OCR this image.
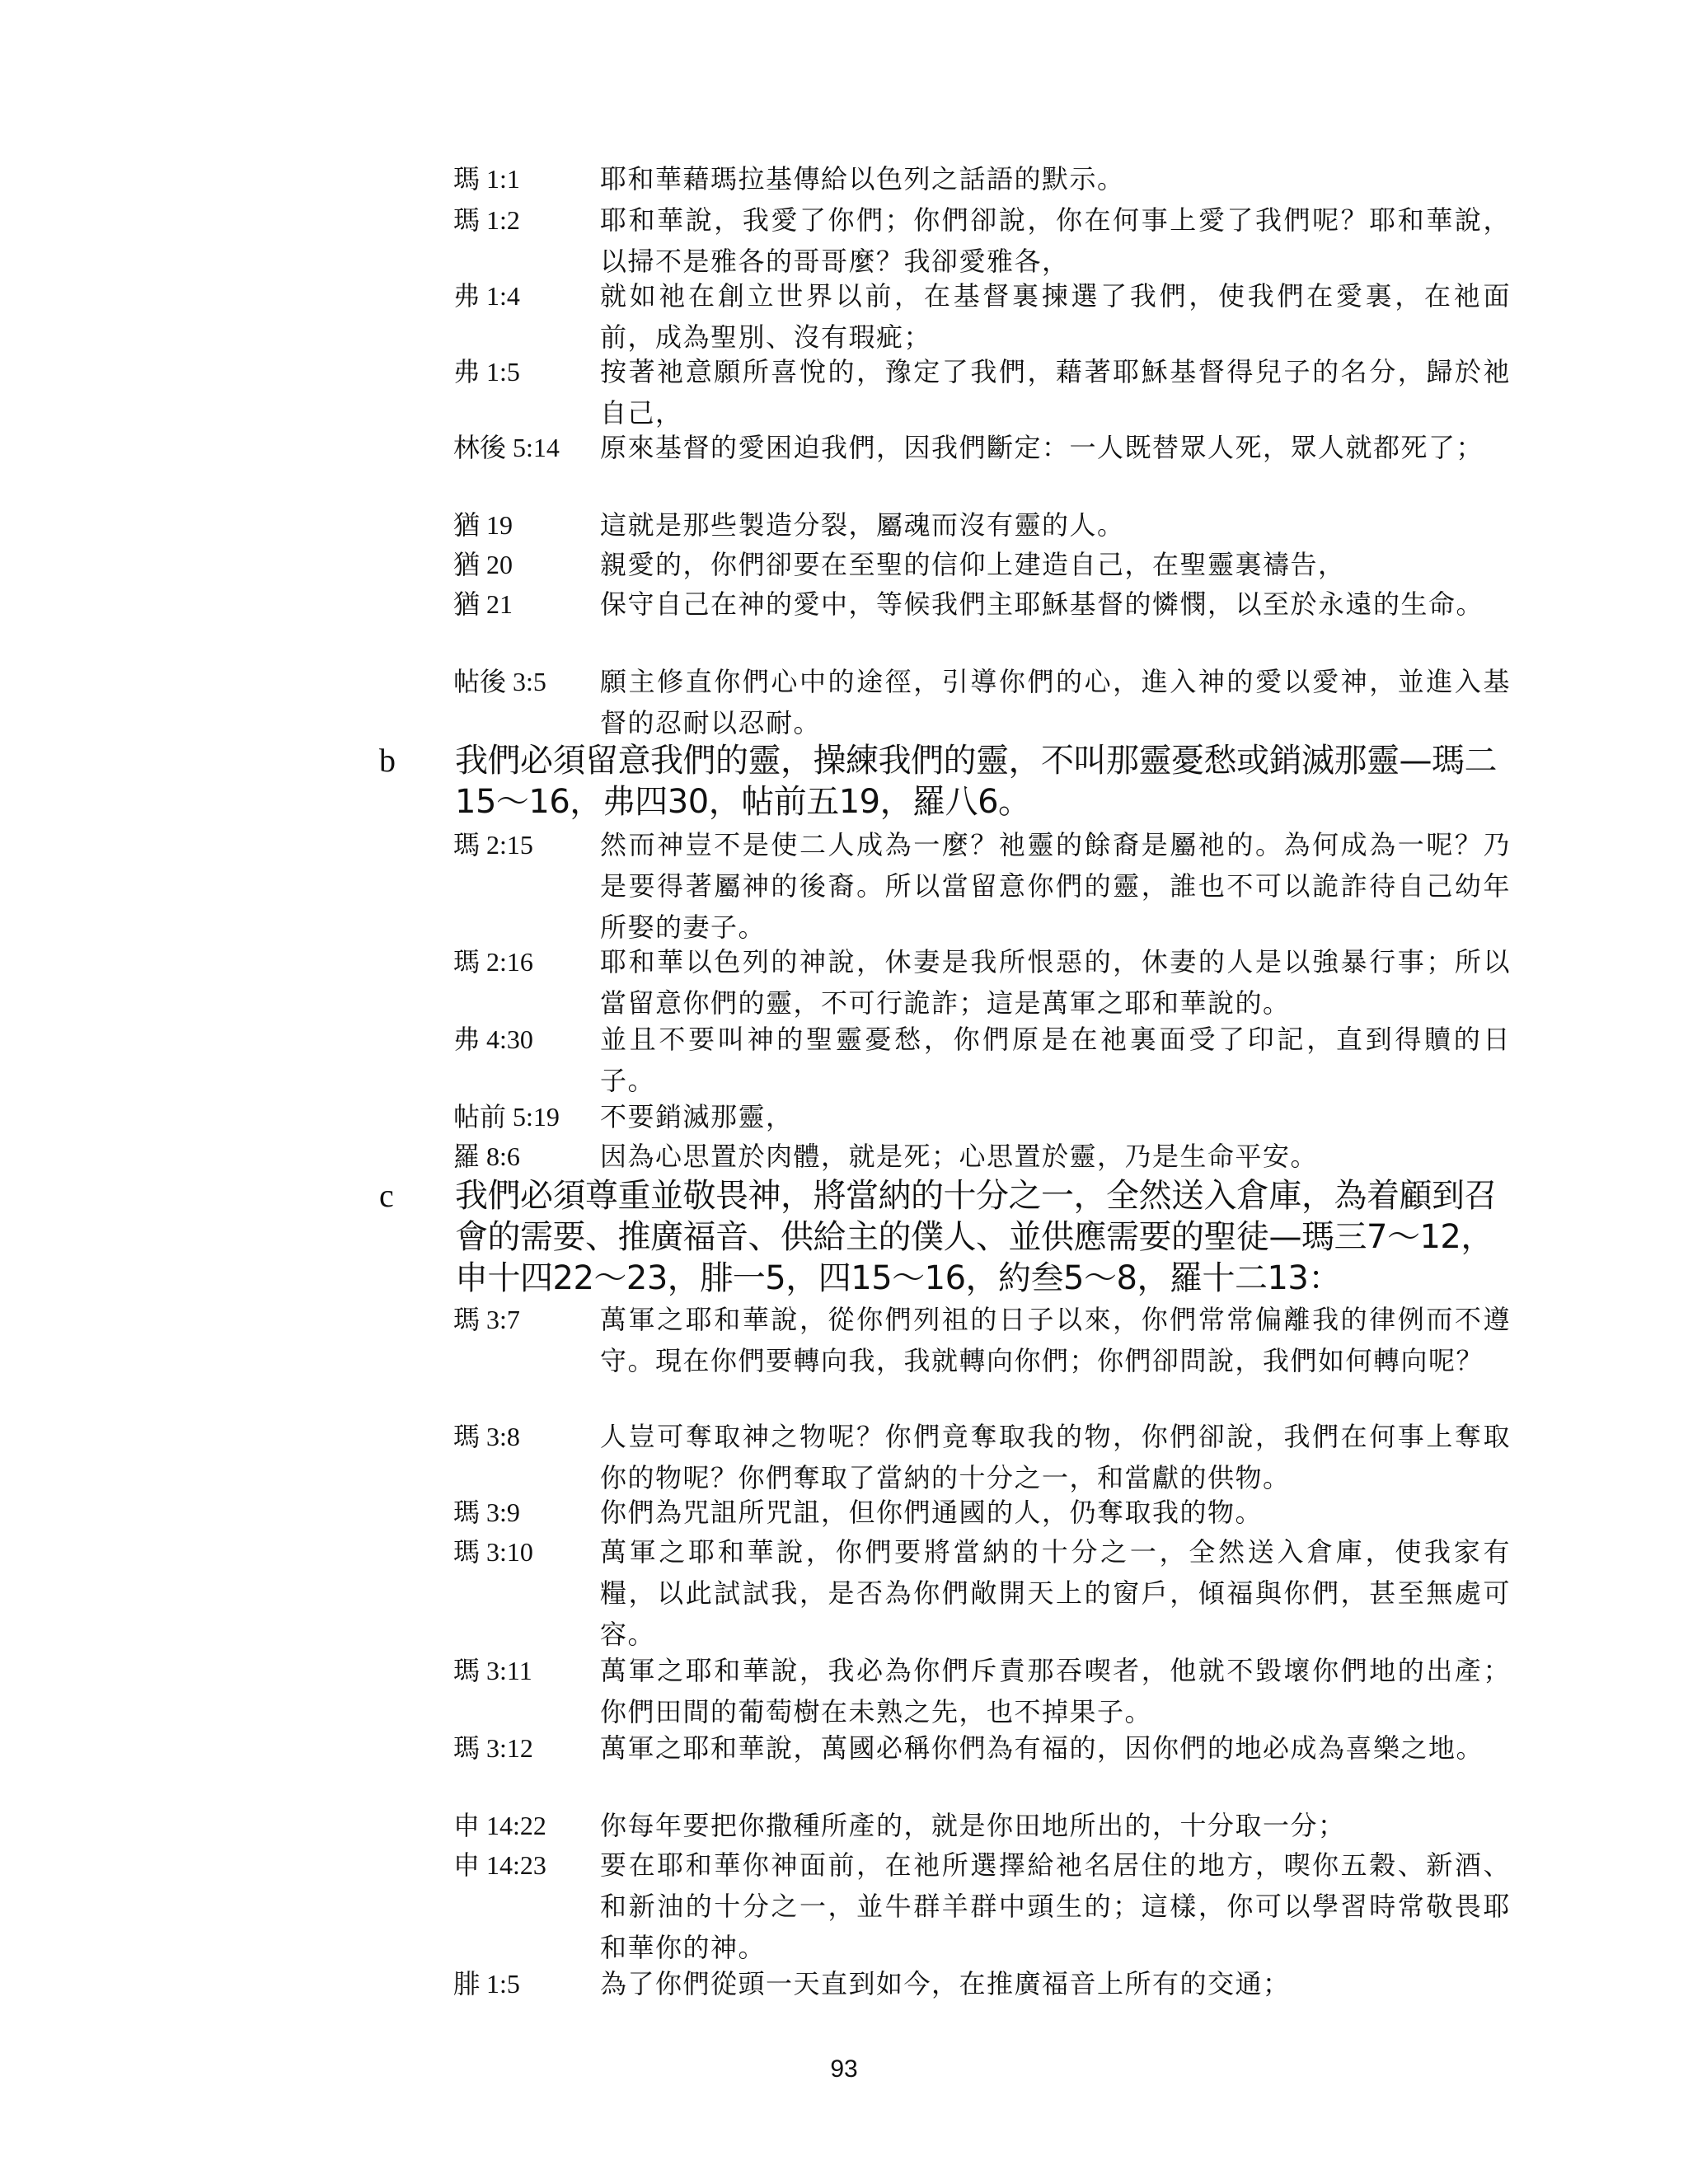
瑪 1:1	耶和華藉瑪拉基傳給以色列之話語的默示。
瑪 1:2	耶和華說，我愛了你們；你們卻說，你在何事上愛了我們呢？耶和華說，以掃不是雅各的哥哥麼？我卻愛雅各，
弗 1:4	就如祂在創立世界以前，在基督裏揀選了我們，使我們在愛裏，在祂面前，成為聖別、沒有瑕疵；
弗 1:5	按著祂意願所喜悅的，豫定了我們，藉著耶穌基督得兒子的名分，歸於祂自己，
林後 5:14	原來基督的愛困迫我們，因我們斷定：一人既替眾人死，眾人就都死了；
猶 19	這就是那些製造分裂，屬魂而沒有靈的人。
猶 20	親愛的，你們卻要在至聖的信仰上建造自己，在聖靈裏禱告，
猶 21	保守自己在神的愛中，等候我們主耶穌基督的憐憫，以至於永遠的生命。
帖後 3:5	願主修直你們心中的途徑，引導你們的心，進入神的愛以愛神，並進入基督的忍耐以忍耐。
b 我們必須留意我們的靈，操練我們的靈，不叫那靈憂愁或銷滅那靈—瑪二15～16，弗四30，帖前五19，羅八6。
瑪 2:15	然而神豈不是使二人成為一麼？祂靈的餘裔是屬祂的。為何成為一呢？乃是要得著屬神的後裔。所以當留意你們的靈，誰也不可以詭詐待自己幼年所娶的妻子。
瑪 2:16	耶和華以色列的神說，休妻是我所恨惡的，休妻的人是以強暴行事；所以當留意你們的靈，不可行詭詐；這是萬軍之耶和華說的。
弗 4:30	並且不要叫神的聖靈憂愁，你們原是在祂裏面受了印記，直到得贖的日子。
帖前 5:19	不要銷滅那靈，
羅 8:6	因為心思置於肉體，就是死；心思置於靈，乃是生命平安。
c 我們必須尊重並敬畏神，將當納的十分之一，全然送入倉庫，為着顧到召會的需要、推廣福音、供給主的僕人、並供應需要的聖徒—瑪三7～12，申十四22～23，腓一5，四15～16，約叁5～8，羅十二13：
瑪 3:7	萬軍之耶和華說，從你們列祖的日子以來，你們常常偏離我的律例而不遵守。現在你們要轉向我，我就轉向你們；你們卻問說，我們如何轉向呢？
瑪 3:8	人豈可奪取神之物呢？你們竟奪取我的物，你們卻說，我們在何事上奪取你的物呢？你們奪取了當納的十分之一，和當獻的供物。
瑪 3:9	你們為咒詛所咒詛，但你們通國的人，仍奪取我的物。
瑪 3:10	萬軍之耶和華說，你們要將當納的十分之一，全然送入倉庫，使我家有糧，以此試試我，是否為你們敞開天上的窗戶，傾福與你們，甚至無處可容。
瑪 3:11	萬軍之耶和華說，我必為你們斥責那吞喫者，他就不毀壞你們地的出產；你們田間的葡萄樹在未熟之先，也不掉果子。
瑪 3:12	萬軍之耶和華說，萬國必稱你們為有福的，因你們的地必成為喜樂之地。
申 14:22	你每年要把你撒種所產的，就是你田地所出的，十分取一分；
申 14:23	要在耶和華你神面前，在祂所選擇給祂名居住的地方，喫你五穀、新酒、和新油的十分之一，並牛群羊群中頭生的；這樣，你可以學習時常敬畏耶和華你的神。
腓 1:5	為了你們從頭一天直到如今，在推廣福音上所有的交通；
93
